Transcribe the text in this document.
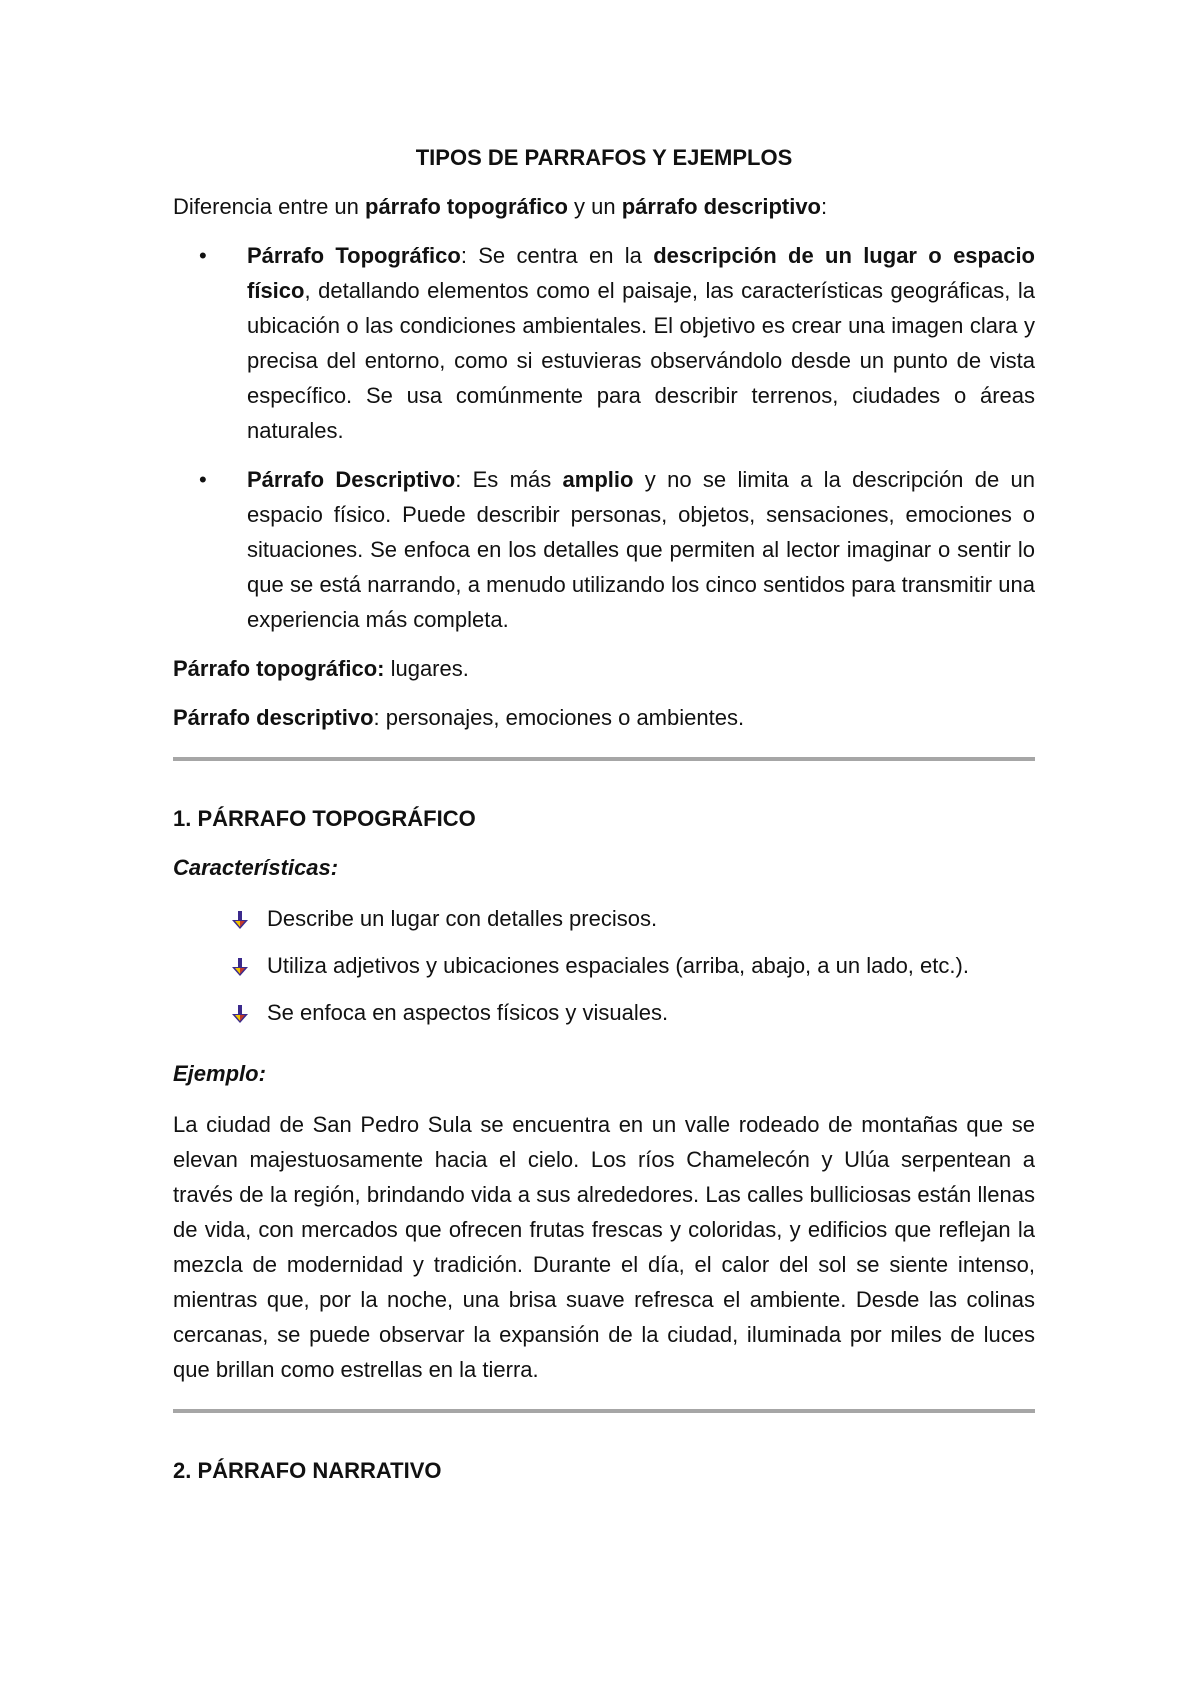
TIPOS DE PARRAFOS Y EJEMPLOS

Diferencia entre un párrafo topográfico y un párrafo descriptivo:

• Párrafo Topográfico: Se centra en la descripción de un lugar o espacio físico, detallando elementos como el paisaje, las características geográficas, la ubicación o las condiciones ambientales. El objetivo es crear una imagen clara y precisa del entorno, como si estuvieras observándolo desde un punto de vista específico. Se usa comúnmente para describir terrenos, ciudades o áreas naturales.
• Párrafo Descriptivo: Es más amplio y no se limita a la descripción de un espacio físico. Puede describir personas, objetos, sensaciones, emociones o situaciones. Se enfoca en los detalles que permiten al lector imaginar o sentir lo que se está narrando, a menudo utilizando los cinco sentidos para transmitir una experiencia más completa.

Párrafo topográfico: lugares.

Párrafo descriptivo: personajes, emociones o ambientes.

1. PÁRRAFO TOPOGRÁFICO
Características:
Describe un lugar con detalles precisos.
Utiliza adjetivos y ubicaciones espaciales (arriba, abajo, a un lado, etc.).
Se enfoca en aspectos físicos y visuales.
Ejemplo:

La ciudad de San Pedro Sula se encuentra en un valle rodeado de montañas que se elevan majestuosamente hacia el cielo. Los ríos Chamelecón y Ulúa serpentean a través de la región, brindando vida a sus alrededores. Las calles bulliciosas están llenas de vida, con mercados que ofrecen frutas frescas y coloridas, y edificios que reflejan la mezcla de modernidad y tradición. Durante el día, el calor del sol se siente intenso, mientras que, por la noche, una brisa suave refresca el ambiente. Desde las colinas cercanas, se puede observar la expansión de la ciudad, iluminada por miles de luces que brillan como estrellas en la tierra.

2. PÁRRAFO NARRATIVO
